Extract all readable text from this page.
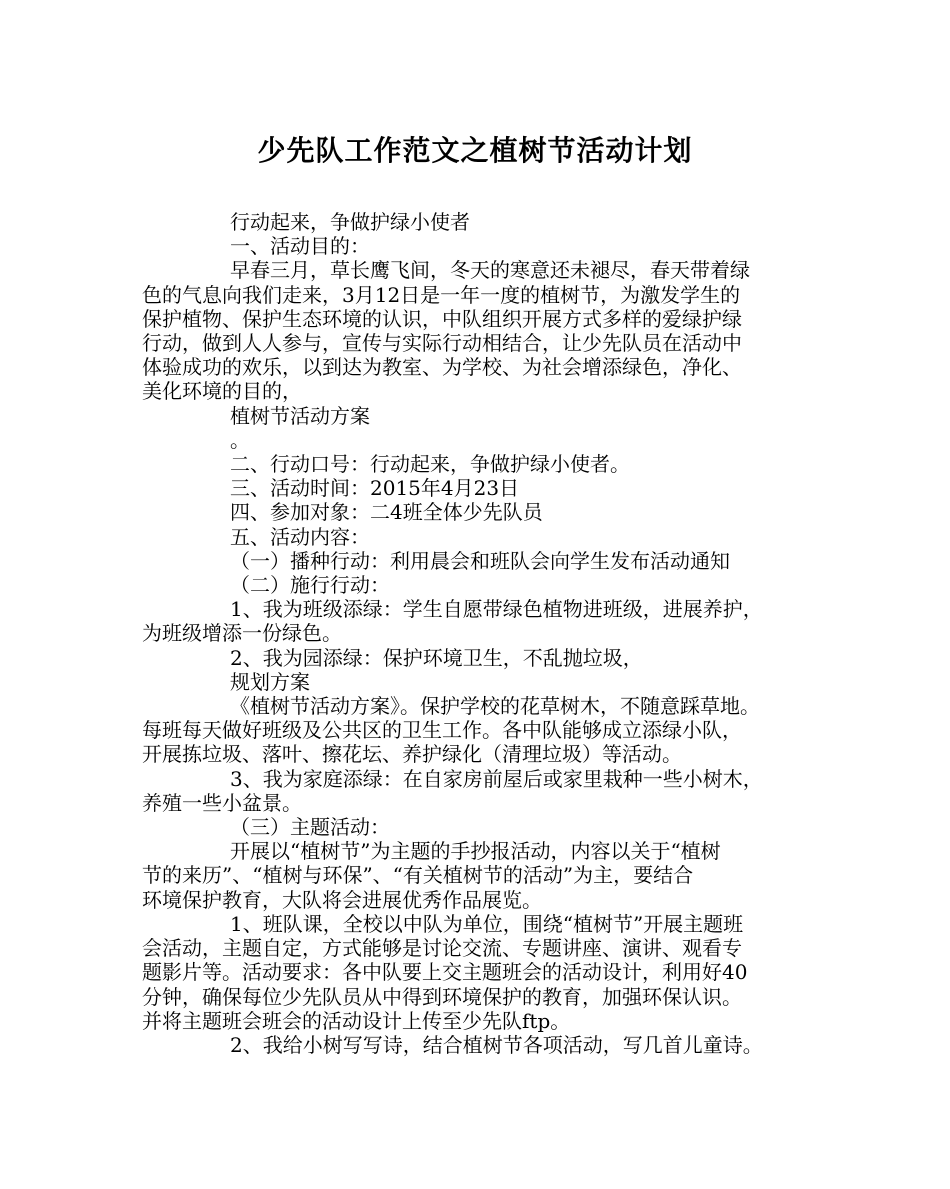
少先队工作范文之植树节活动计划

行动起来，争做护绿小使者

一、活动目的：

早春三月，草长鹰飞间，冬天的寒意还未褪尽，春天带着绿

色的气息向我们走来，3月12日是一年一度的植树节，为激发学生的

保护植物、保护生态环境的认识，中队组织开展方式多样的爱绿护绿

行动，做到人人参与，宣传与实际行动相结合，让少先队员在活动中

体验成功的欢乐，以到达为教室、为学校、为社会增添绿色，净化、

美化环境的目的，

植树节活动方案

。

二、行动口号：行动起来，争做护绿小使者。

三、活动时间：2015年4月23日

四、参加对象：二4班全体少先队员

五、活动内容：

（一）播种行动：利用晨会和班队会向学生发布活动通知

（二）施行行动：

1、我为班级添绿：学生自愿带绿色植物进班级，进展养护，

为班级增添一份绿色。

2、我为园添绿：保护环境卫生，不乱抛垃圾，

规划方案

《植树节活动方案》。保护学校的花草树木，不随意踩草地。

每班每天做好班级及公共区的卫生工作。各中队能够成立添绿小队，

开展拣垃圾、落叶、擦花坛、养护绿化（清理垃圾）等活动。

3、我为家庭添绿：在自家房前屋后或家里栽种一些小树木，

养殖一些小盆景。

（三）主题活动：

开展以“植树节”为主题的手抄报活动，内容以关于“植树

节的来历”、“植树与环保”、“有关植树节的活动”为主，要结合

环境保护教育，大队将会进展优秀作品展览。

1、班队课，全校以中队为单位，围绕“植树节”开展主题班

会活动，主题自定，方式能够是讨论交流、专题讲座、演讲、观看专

题影片等。活动要求：各中队要上交主题班会的活动设计，利用好40

分钟，确保每位少先队员从中得到环境保护的教育，加强环保认识。

并将主题班会班会的活动设计上传至少先队ftp。

2、我给小树写写诗，结合植树节各项活动，写几首儿童诗。
